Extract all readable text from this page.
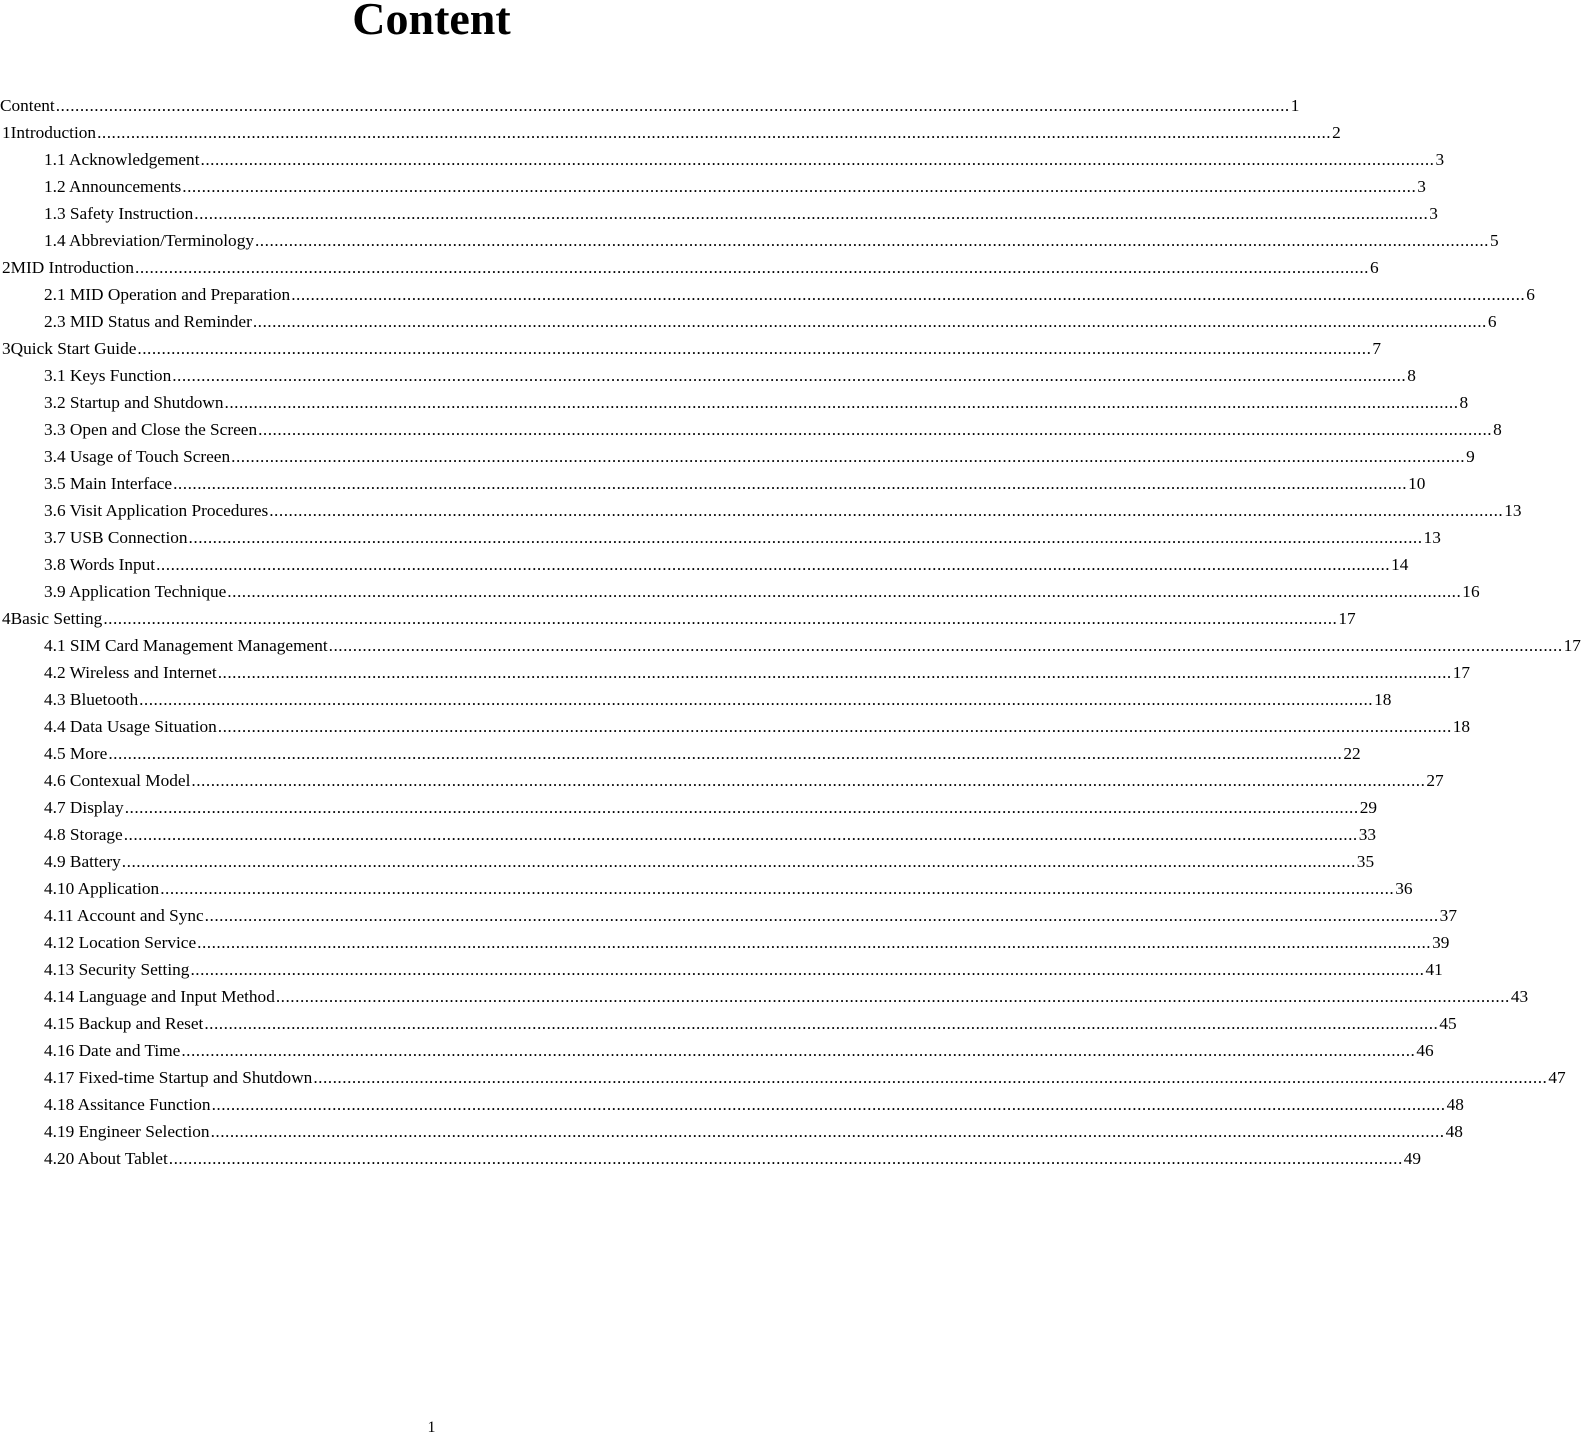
Content
Content .....	1
1 Introduction .....	2
1.1 Acknowledgement .....	3
1.2 Announcements .....	3
1.3 Safety Instruction .....	3
1.4 Abbreviation/Terminology .....	5
2 MID Introduction .....	6
2.1 MID Operation and Preparation .....	6
2.3 MID Status and Reminder .....	6
3 Quick Start Guide .....	7
3.1 Keys Function .....	8
3.2 Startup and Shutdown .....	8
3.3 Open and Close the Screen .....	8
3.4 Usage of Touch Screen .....	9
3.5 Main Interface .....	10
3.6 Visit Application Procedures .....	13
3.7 USB Connection .....	13
3.8 Words Input .....	14
3.9 Application Technique .....	16
4 Basic Setting .....	17
4.1 SIM Card Management Management .....	17
4.2 Wireless and Internet .....	17
4.3 Bluetooth .....	18
4.4 Data Usage Situation .....	18
4.5 More .....	22
4.6 Contexual Model .....	27
4.7 Display .....	29
4.8 Storage .....	33
4.9 Battery .....	35
4.10 Application .....	36
4.11 Account and Sync .....	37
4.12 Location Service .....	39
4.13 Security Setting .....	41
4.14 Language and Input Method .....	43
4.15 Backup and Reset .....	45
4.16 Date and Time .....	46
4.17 Fixed-time Startup and Shutdown .....	47
4.18 Assitance Function .....	48
4.19 Engineer Selection .....	48
4.20 About Tablet .....	49
1
